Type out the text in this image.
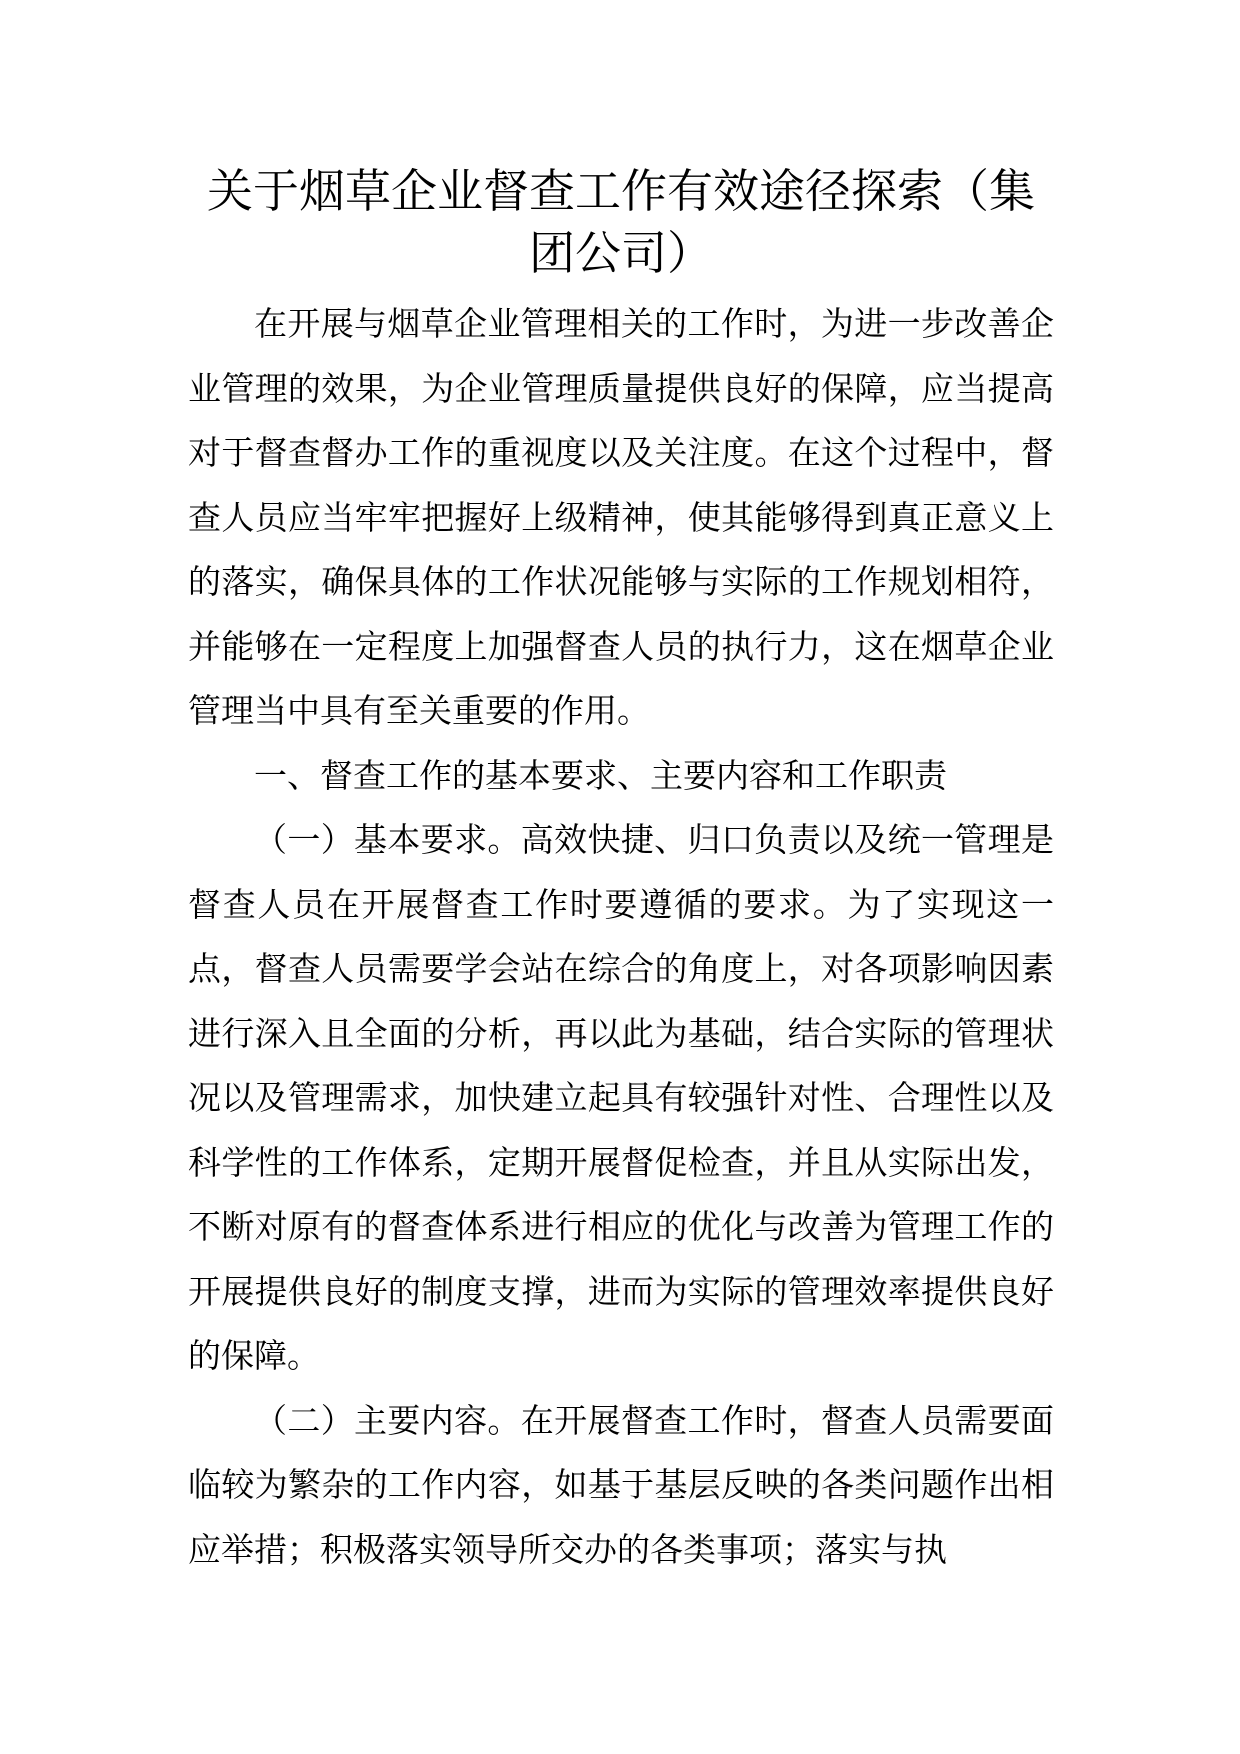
关于烟草企业督查工作有效途径探索（集团公司）

在开展与烟草企业管理相关的工作时，为进一步改善企业管理的效果，为企业管理质量提供良好的保障，应当提高对于督查督办工作的重视度以及关注度。在这个过程中，督查人员应当牢牢把握好上级精神，使其能够得到真正意义上的落实，确保具体的工作状况能够与实际的工作规划相符，并能够在一定程度上加强督查人员的执行力，这在烟草企业管理当中具有至关重要的作用。

一、督查工作的基本要求、主要内容和工作职责

（一）基本要求。高效快捷、归口负责以及统一管理是督查人员在开展督查工作时要遵循的要求。为了实现这一点，督查人员需要学会站在综合的角度上，对各项影响因素进行深入且全面的分析，再以此为基础，结合实际的管理状况以及管理需求，加快建立起具有较强针对性、合理性以及科学性的工作体系，定期开展督促检查，并且从实际出发，不断对原有的督查体系进行相应的优化与改善为管理工作的开展提供良好的制度支撑，进而为实际的管理效率提供良好的保障。

（二）主要内容。在开展督查工作时，督查人员需要面临较为繁杂的工作内容，如基于基层反映的各类问题作出相应举措；积极落实领导所交办的各类事项；落实与执
